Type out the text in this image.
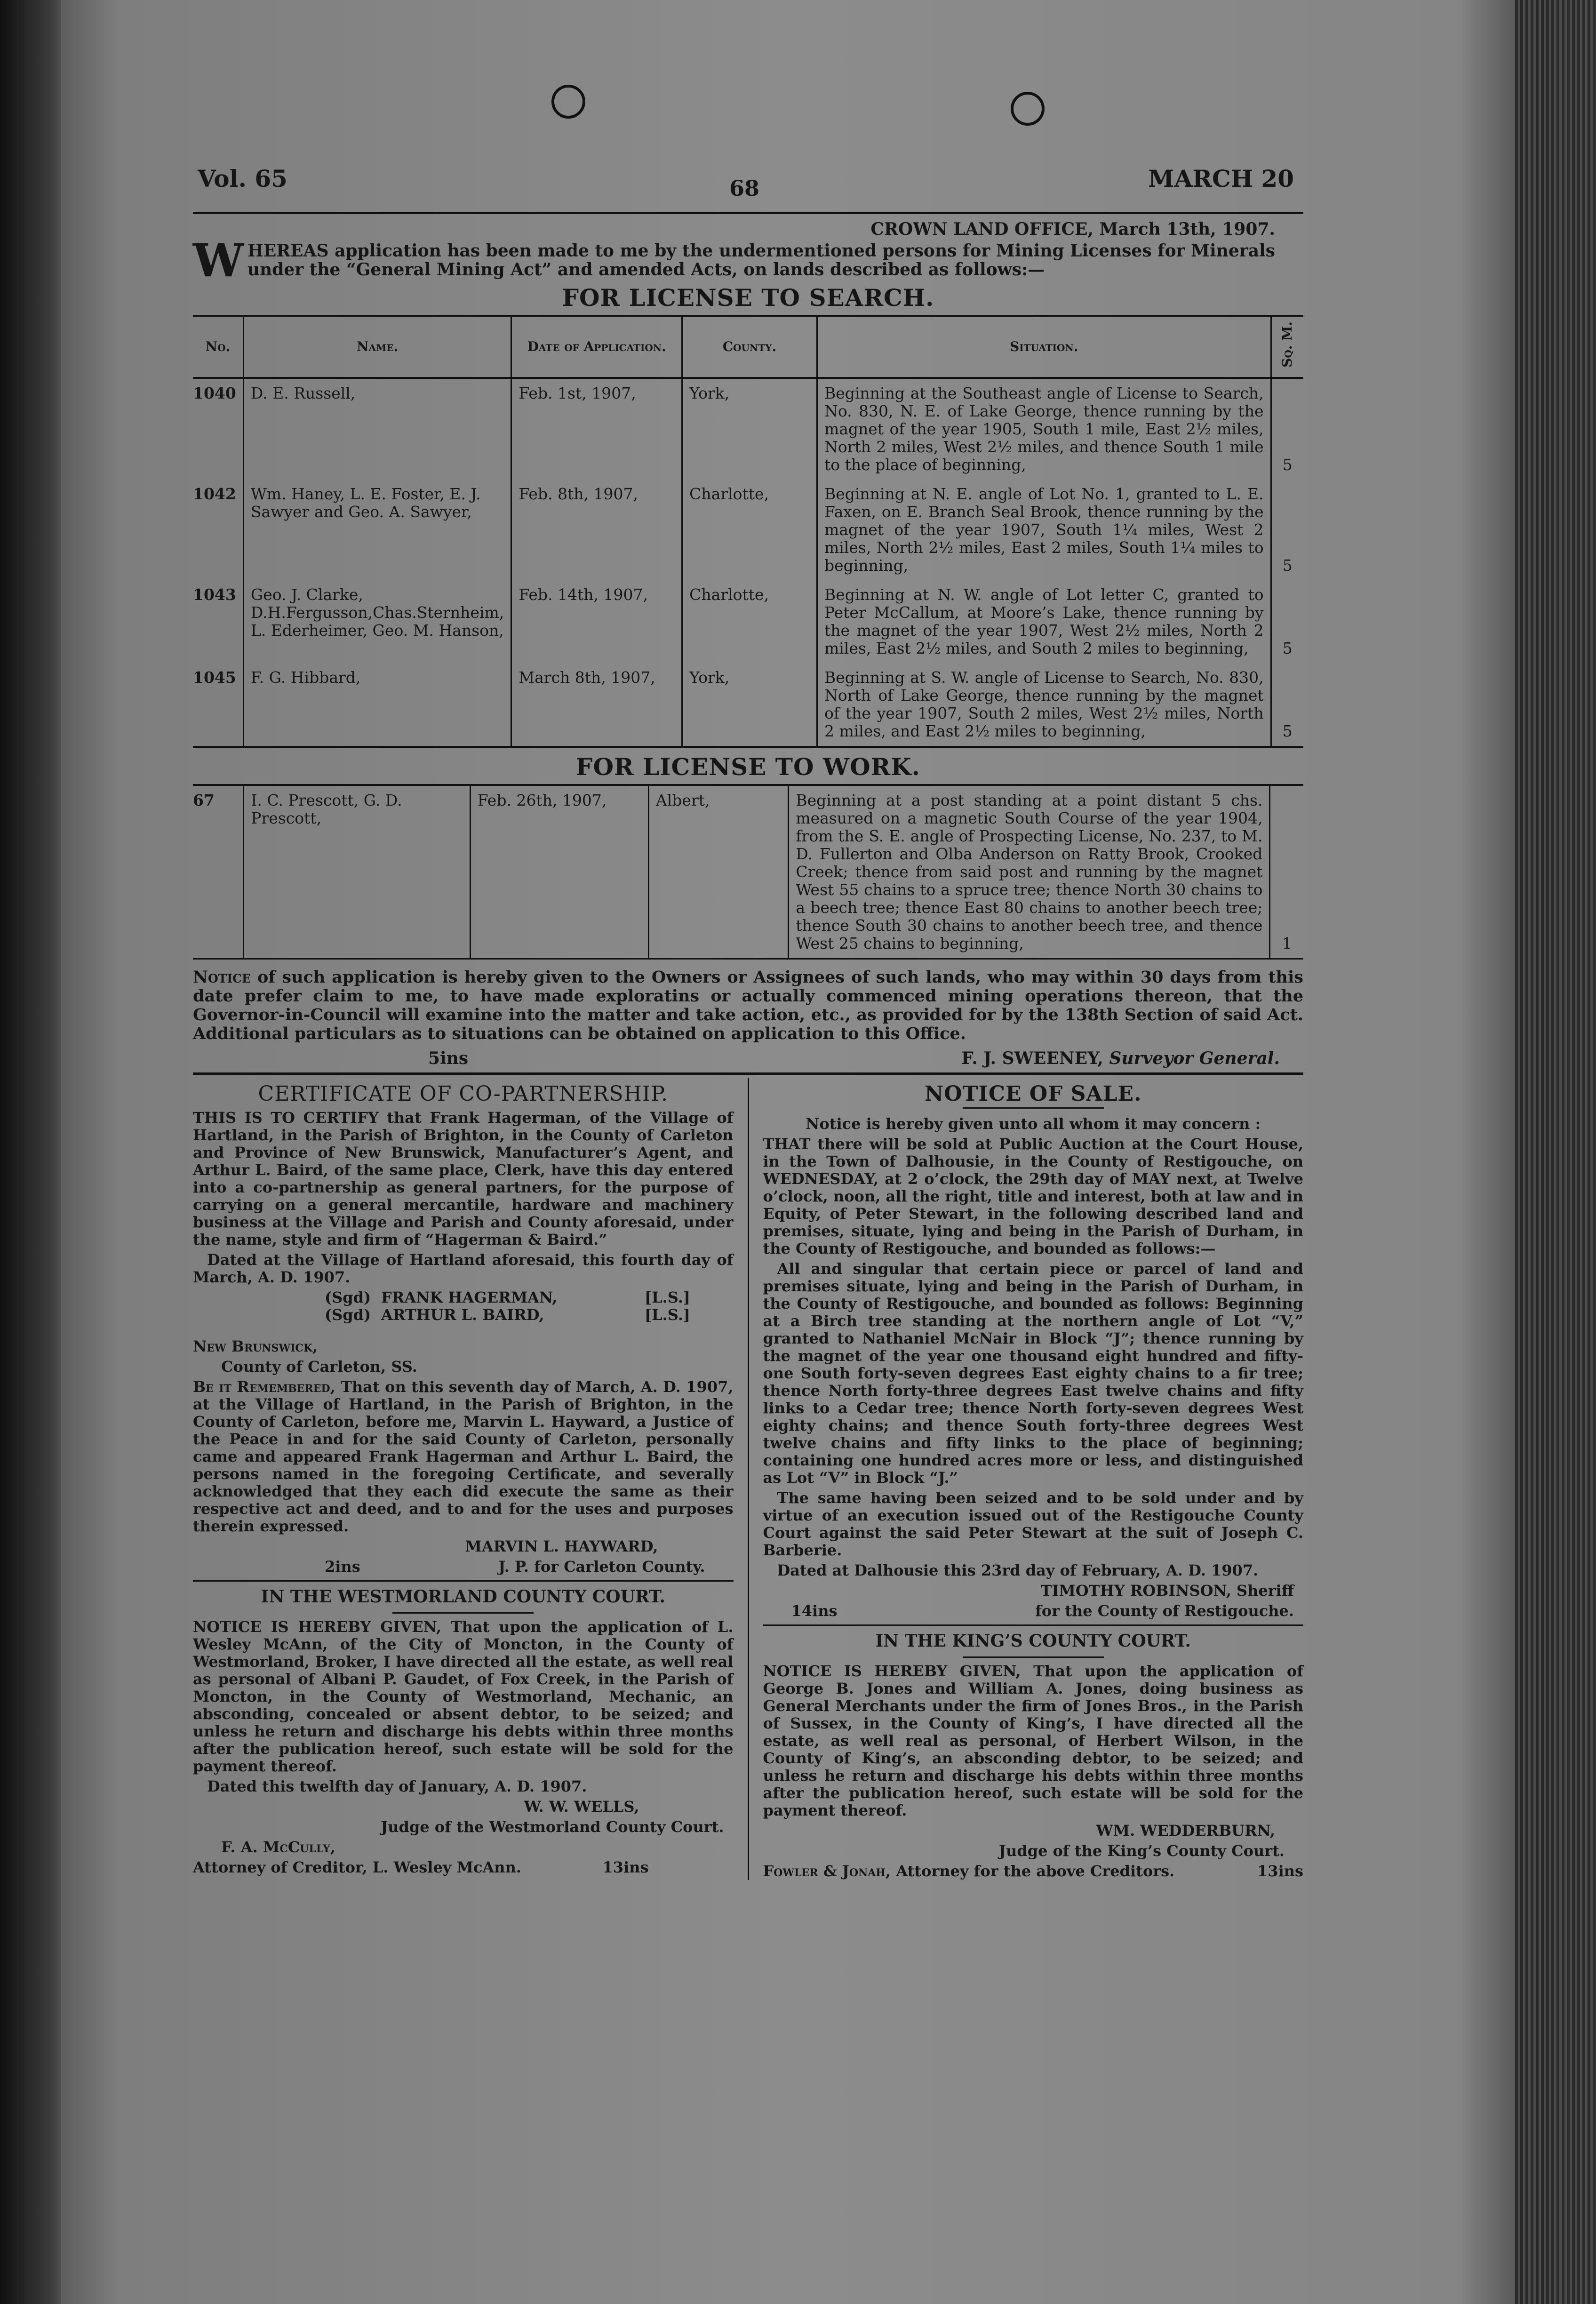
Vol. 65	68	MARCH 20
CROWN LAND OFFICE, March 13th, 1907.
WHEREAS application has been made to me by the undermentioned persons for Mining Licenses for Minerals under the “General Mining Act” and amended Acts, on lands described as follows:—
FOR LICENSE TO SEARCH.
No.	Name.	Date of Application.	County.	Situation.	Sq. M.
1040	D. E. Russell,	Feb. 1st, 1907,	York,	Beginning at the Southeast angle of License to Search, No. 830, N. E. of Lake George, thence running by the magnet of the year 1905, South 1 mile, East 2½ miles, North 2 miles, West 2½ miles, and thence South 1 mile to the place of beginning,	5
1042	Wm. Haney, L. E. Foster, E. J. Sawyer and Geo. A. Sawyer,	Feb. 8th, 1907,	Charlotte,	Beginning at N. E. angle of Lot No. 1, granted to L. E. Faxen, on E. Branch Seal Brook, thence running by the magnet of the year 1907, South 1¼ miles, West 2 miles, North 2½ miles, East 2 miles, South 1¼ miles to beginning,	5
1043	Geo. J. Clarke, D.H.Fergusson,Chas.Sternheim, L. Ederheimer, Geo. M. Hanson,	Feb. 14th, 1907,	Charlotte,	Beginning at N. W. angle of Lot letter C, granted to Peter McCallum, at Moore’s Lake, thence running by the magnet of the year 1907, West 2½ miles, North 2 miles, East 2½ miles, and South 2 miles to beginning,	5
1045	F. G. Hibbard,	March 8th, 1907,	York,	Beginning at S. W. angle of License to Search, No. 830, North of Lake George, thence running by the magnet of the year 1907, South 2 miles, West 2½ miles, North 2 miles, and East 2½ miles to beginning,	5
FOR LICENSE TO WORK.
67	I. C. Prescott, G. D. Prescott,	Feb. 26th, 1907,	Albert,	Beginning at a post standing at a point distant 5 chs. measured on a magnetic South Course of the year 1904, from the S. E. angle of Prospecting License, No. 237, to M. D. Fullerton and Olba Anderson on Ratty Brook, Crooked Creek; thence from said post and running by the magnet West 55 chains to a spruce tree; thence North 30 chains to a beech tree; thence East 80 chains to another beech tree; thence South 30 chains to another beech tree, and thence West 25 chains to beginning,	1
Notice of such application is hereby given to the Owners or Assignees of such lands, who may within 30 days from this date prefer claim to me, to have made exploratins or actually commenced mining operations thereon, that the Governor-in-Council will examine into the matter and take action, etc., as provided for by the 138th Section of said Act. Additional particulars as to situations can be obtained on application to this Office.
5ins	F. J. SWEENEY, Surveyor General.
CERTIFICATE OF CO-PARTNERSHIP.

THIS IS TO CERTIFY that Frank Hagerman, of the Village of Hartland, in the Parish of Brighton, in the County of Carleton and Province of New Brunswick, Manufacturer’s Agent, and Arthur L. Baird, of the same place, Clerk, have this day entered into a co-partnership as general partners, for the purpose of carrying on a general mercantile, hardware and machinery business at the Village and Parish and County aforesaid, under the name, style and firm of “Hagerman & Baird.”

Dated at the Village of Hartland aforesaid, this fourth day of March, A. D. 1907.

(Sgd) FRANK HAGERMAN,	[L.S.]
(Sgd) ARTHUR L. BAIRD,	[L.S.]

New Brunswick,

County of Carleton, SS.

Be it Remembered, That on this seventh day of March, A. D. 1907, at the Village of Hartland, in the Parish of Brighton, in the County of Carleton, before me, Marvin L. Hayward, a Justice of the Peace in and for the said County of Carleton, personally came and appeared Frank Hagerman and Arthur L. Baird, the persons named in the foregoing Certificate, and severally acknowledged that they each did execute the same as their respective act and deed, and to and for the uses and purposes therein expressed.

MARVIN L. HAYWARD,

2ins	J. P. for Carleton County.
IN THE WESTMORLAND COUNTY COURT.

NOTICE IS HEREBY GIVEN, That upon the application of L. Wesley McAnn, of the City of Moncton, in the County of Westmorland, Broker, I have directed all the estate, as well real as personal of Albani P. Gaudet, of Fox Creek, in the Parish of Moncton, in the County of Westmorland, Mechanic, an absconding, concealed or absent debtor, to be seized; and unless he return and discharge his debts within three months after the publication hereof, such estate will be sold for the payment thereof.

Dated this twelfth day of January, A. D. 1907.

W. W. WELLS,

Judge of the Westmorland County Court.

F. A. McCully,

Attorney of Creditor, L. Wesley McAnn.	13ins
NOTICE OF SALE.

Notice is hereby given unto all whom it may concern :

THAT there will be sold at Public Auction at the Court House, in the Town of Dalhousie, in the County of Restigouche, on WEDNESDAY, at 2 o’clock, the 29th day of MAY next, at Twelve o’clock, noon, all the right, title and interest, both at law and in Equity, of Peter Stewart, in the following described land and premises, situate, lying and being in the Parish of Durham, in the County of Restigouche, and bounded as follows:—

All and singular that certain piece or parcel of land and premises situate, lying and being in the Parish of Durham, in the County of Restigouche, and bounded as follows: Beginning at a Birch tree standing at the northern angle of Lot “V,” granted to Nathaniel McNair in Block “J”; thence running by the magnet of the year one thousand eight hundred and fifty-one South forty-seven degrees East eighty chains to a fir tree; thence North forty-three degrees East twelve chains and fifty links to a Cedar tree; thence North forty-seven degrees West eighty chains; and thence South forty-three degrees West twelve chains and fifty links to the place of beginning; containing one hundred acres more or less, and distinguished as Lot “V” in Block “J.”

The same having been seized and to be sold under and by virtue of an execution issued out of the Restigouche County Court against the said Peter Stewart at the suit of Joseph C. Barberie.

Dated at Dalhousie this 23rd day of February, A. D. 1907.

TIMOTHY ROBINSON, Sheriff

14ins	for the County of Restigouche.
IN THE KING’S COUNTY COURT.

NOTICE IS HEREBY GIVEN, That upon the application of George B. Jones and William A. Jones, doing business as General Merchants under the firm of Jones Bros., in the Parish of Sussex, in the County of King’s, I have directed all the estate, as well real as personal, of Herbert Wilson, in the County of King’s, an absconding debtor, to be seized; and unless he return and discharge his debts within three months after the publication hereof, such estate will be sold for the payment thereof.

WM. WEDDERBURN,

Judge of the King’s County Court.

Fowler & Jonah, Attorney for the above Creditors.	13ins
